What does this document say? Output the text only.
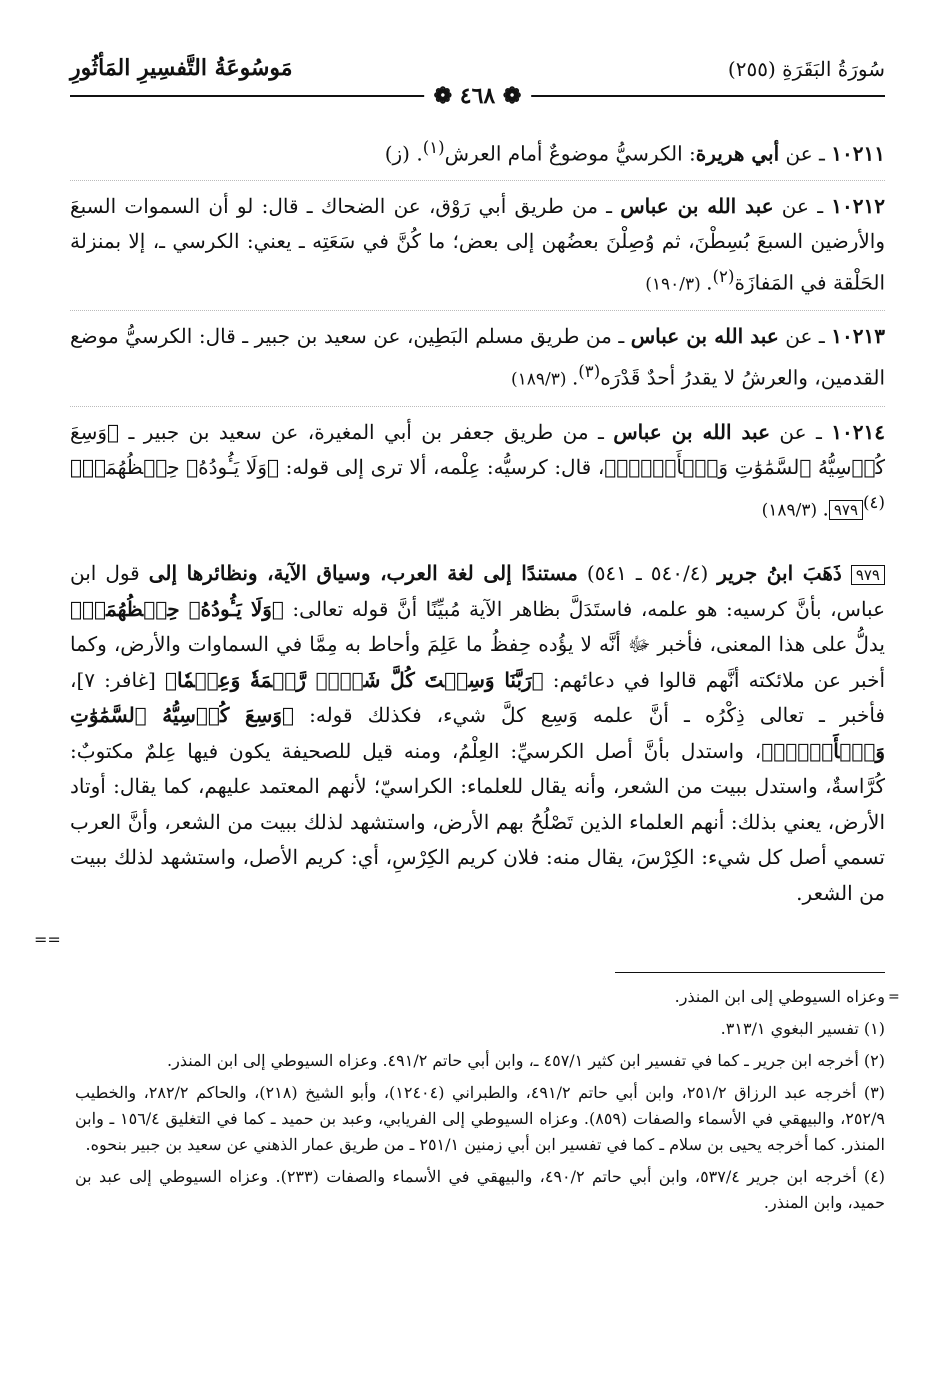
سُورَةُ البَقَرَةِ (٢٥٥)
مَوسُوعَةُ التَّفسِيرِ المَأثُورِ
❁ ٤٦٨ ❁

١٠٢١١ ـ عن أبي هريرة: الكرسيُّ موضوعٌ أمام العرش$^{(١)}$. (ز)

١٠٢١٢ ـ عن عبد الله بن عباس ـ من طريق أبي رَوْق، عن الضحاك ـ قال: لو أن السموات السبعَ والأرضين السبعَ بُسِطْنَ، ثم وُصِلْنَ بعضُهن إلى بعض؛ ما كُنَّ في سَعَتِه ـ يعني: الكرسي ـ، إلا بمنزلة الحَلْقة في المَفازَة$^{(٢)}$. (١٩٠/٣)

١٠٢١٣ ـ عن عبد الله بن عباس ـ من طريق مسلم البَطِين، عن سعيد بن جبير ـ قال: الكرسيُّ موضع القدمين، والعرشُ لا يقدرُ أحدٌ قَدْرَه$^{(٣)}$. (١٨٩/٣)

١٠٢١٤ ـ عن عبد الله بن عباس ـ من طريق جعفر بن أبي المغيرة، عن سعيد بن جبير ـ ﴿وَسِعَ كُرۡسِيُّهُ ٱلسَّمَٰوَٰتِ وَٱلۡأَرۡضَۖ﴾، قال: كرسيُّه: عِلْمه، ألا ترى إلى قوله: ﴿وَلَا يَـُٔودُهُۥ حِفۡظُهُمَاۚ﴾$^{(٤)}$٩٧٩. (١٨٩/٣)

٩٧٩ ذَهَبَ ابنُ جرير (٥٤٠/٤ ـ ٥٤١) مستندًا إلى لغة العرب، وسياق الآية، ونظائرها إلى قول ابن عباس، بأنَّ كرسيه: هو علمه، فاستَدَلَّ بظاهر الآية مُبيِّنًا أنَّ قوله تعالى: ﴿وَلَا يَـُٔودُهُۥ حِفۡظُهُمَاۚ﴾ يدلُّ على هذا المعنى، فأخبر ﷻ أنَّه لا يؤُده حِفظُ ما عَلِمَ وأحاط به مِمَّا في السماوات والأرض، وكما أخبر عن ملائكته أنَّهم قالوا في دعائهم: ﴿رَبَّنَا وَسِعۡتَ كُلَّ شَيۡءٖ رَّحۡمَةٗ وَعِلۡمٗا﴾ [غافر: ٧]، فأخبر ـ تعالى ذِكْرُه ـ أنَّ علمه وَسِع كلَّ شيء، فكذلك قوله: ﴿وَسِعَ كُرۡسِيُّهُ ٱلسَّمَٰوَٰتِ وَٱلۡأَرۡضَۖ﴾، واستدل بأنَّ أصل الكرسيِّ: العِلْمُ، ومنه قيل للصحيفة يكون فيها عِلمٌ مكتوبٌ: كُرَّاسةٌ، واستدل ببيت من الشعر، وأنه يقال للعلماء: الكراسيّ؛ لأنهم المعتمد عليهم، كما يقال: أوتاد الأرض، يعني بذلك: أنهم العلماء الذين تَصْلُحُ بهم الأرض، واستشهد لذلك ببيت من الشعر، وأنَّ العرب تسمي أصل كل شيء: الكِرْسَ، يقال منه: فلان كريم الكِرْسِ، أي: كريم الأصل، واستشهد لذلك ببيت من الشعر.
==
=

وعزاه السيوطي إلى ابن المنذر.

(١) تفسير البغوي ٣١٣/١.

(٢) أخرجه ابن جرير ـ كما في تفسير ابن كثير ٤٥٧/١ ـ، وابن أبي حاتم ٤٩١/٢. وعزاه السيوطي إلى ابن المنذر.

(٣) أخرجه عبد الرزاق ٢٥١/٢، وابن أبي حاتم ٤٩١/٢، والطبراني (١٢٤٠٤)، وأبو الشيخ (٢١٨)، والحاكم ٢٨٢/٢، والخطيب ٢٥٢/٩، والبيهقي في الأسماء والصفات (٨٥٩). وعزاه السيوطي إلى الفريابي، وعبد بن حميد ـ كما في التغليق ١٥٦/٤ ـ وابن المنذر. كما أخرجه يحيى بن سلام ـ كما في تفسير ابن أبي زمنين ٢٥١/١ ـ من طريق عمار الذهني عن سعيد بن جبير بنحوه.

(٤) أخرجه ابن جرير ٥٣٧/٤، وابن أبي حاتم ٤٩٠/٢، والبيهقي في الأسماء والصفات (٢٣٣). وعزاه السيوطي إلى عبد بن حميد، وابن المنذر.
